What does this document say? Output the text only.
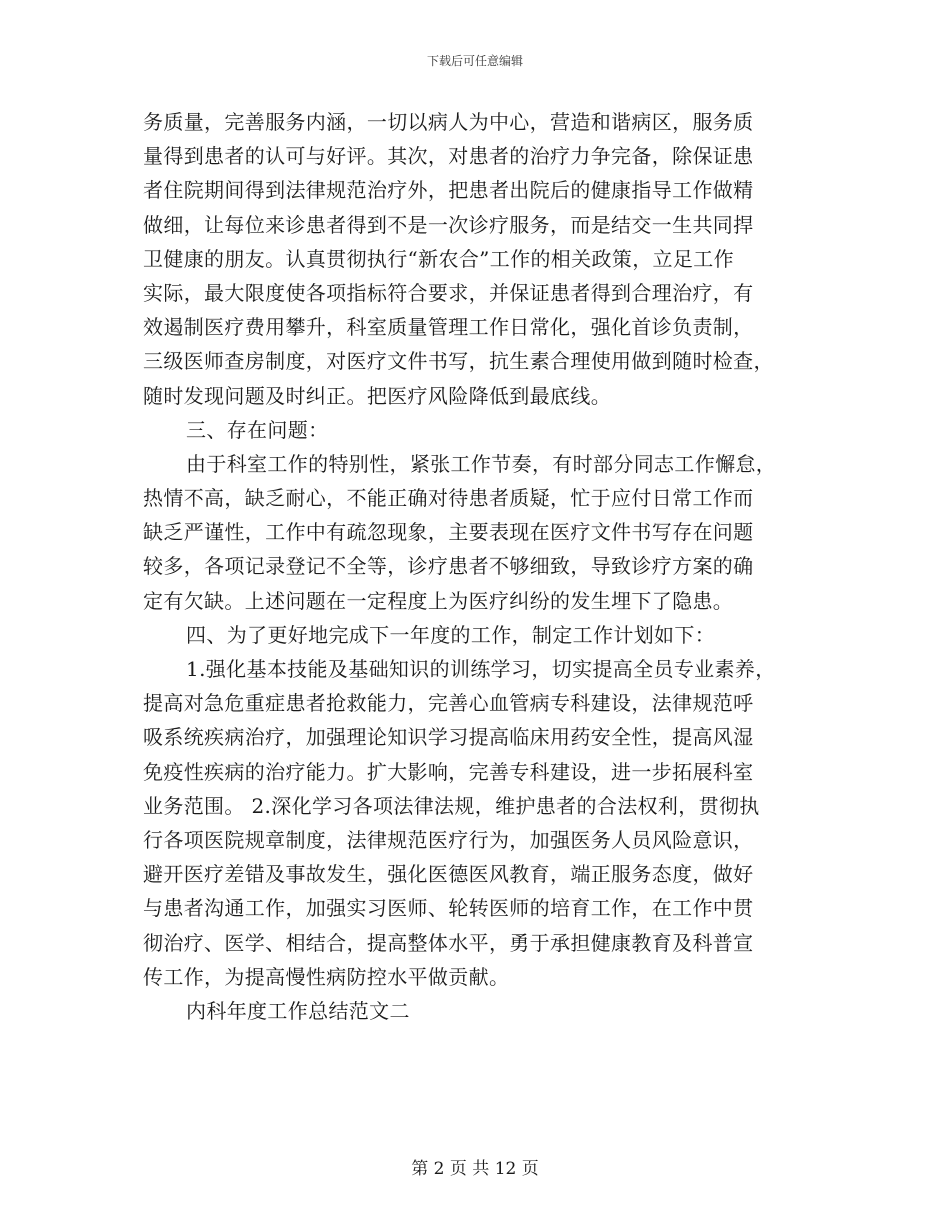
下载后可任意编辑
务质量，完善服务内涵，一切以病人为中心，营造和谐病区，服务质
量得到患者的认可与好评。其次，对患者的治疗力争完备，除保证患
者住院期间得到法律规范治疗外，把患者出院后的健康指导工作做精
做细，让每位来诊患者得到不是一次诊疗服务，而是结交一生共同捍
卫健康的朋友。认真贯彻执行“新农合”工作的相关政策，立足工作
实际，最大限度使各项指标符合要求，并保证患者得到合理治疗，有
效遏制医疗费用攀升，科室质量管理工作日常化，强化首诊负责制，
三级医师查房制度，对医疗文件书写，抗生素合理使用做到随时检查，
随时发现问题及时纠正。把医疗风险降低到最底线。
三、存在问题：
由于科室工作的特别性，紧张工作节奏，有时部分同志工作懈怠，
热情不高，缺乏耐心，不能正确对待患者质疑，忙于应付日常工作而
缺乏严谨性，工作中有疏忽现象，主要表现在医疗文件书写存在问题
较多，各项记录登记不全等，诊疗患者不够细致，导致诊疗方案的确
定有欠缺。上述问题在一定程度上为医疗纠纷的发生埋下了隐患。
四、为了更好地完成下一年度的工作，制定工作计划如下：
1.强化基本技能及基础知识的训练学习，切实提高全员专业素养，
提高对急危重症患者抢救能力，完善心血管病专科建设，法律规范呼
吸系统疾病治疗，加强理论知识学习提高临床用药安全性，提高风湿
免疫性疾病的治疗能力。扩大影响，完善专科建设，进一步拓展科室
业务范围。 2.深化学习各项法律法规，维护患者的合法权利，贯彻执
行各项医院规章制度，法律规范医疗行为，加强医务人员风险意识，
避开医疗差错及事故发生，强化医德医风教育，端正服务态度，做好
与患者沟通工作，加强实习医师、轮转医师的培育工作，在工作中贯
彻治疗、医学、相结合，提高整体水平，勇于承担健康教育及科普宣
传工作，为提高慢性病防控水平做贡献。
内科年度工作总结范文二
第 2 页 共 12 页
